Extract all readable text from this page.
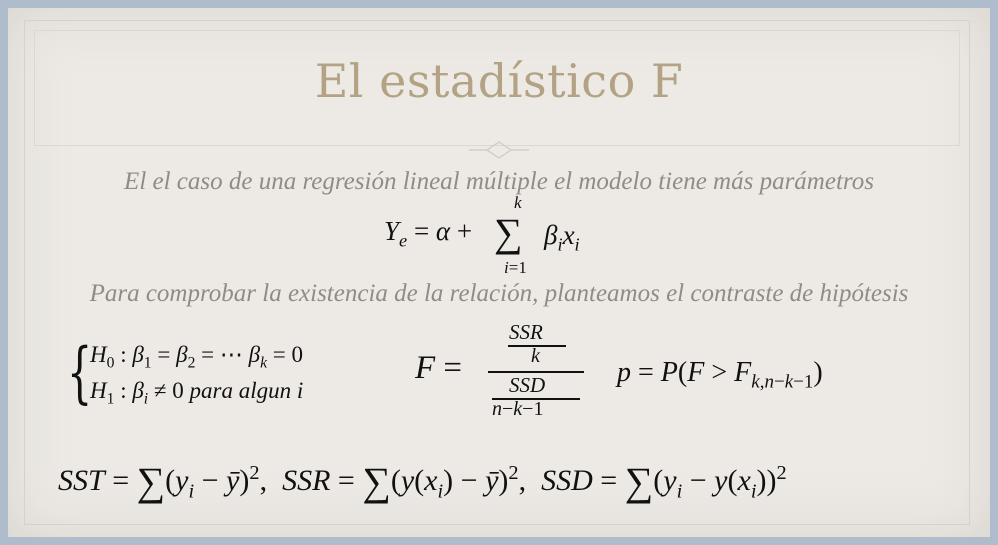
El estadístico F
El el caso de una regresión lineal múltiple el modelo tiene más parámetros
$Y_e = \alpha$ + ∑
k
i=1
$\beta_ix_i$
Para comprobar la existencia de la relación, planteamos el contraste de hipótesis
{
$H_0$ : $\beta_1 = \beta_2$ = ⋯ $\beta_k = 0$
$H_1$ : $\beta_i \ne 0$ para algun i
F =
SSR
k
SSD
n−k−1
$p = P(F > F_{k,n-k-1})$
SST = $\sum(y_i$ − ȳ)$^2$,  SSR = $\sum(y(x_i)$ − ȳ)$^2$,  SSD = $\sum(y_i - y(x_i))^2$
